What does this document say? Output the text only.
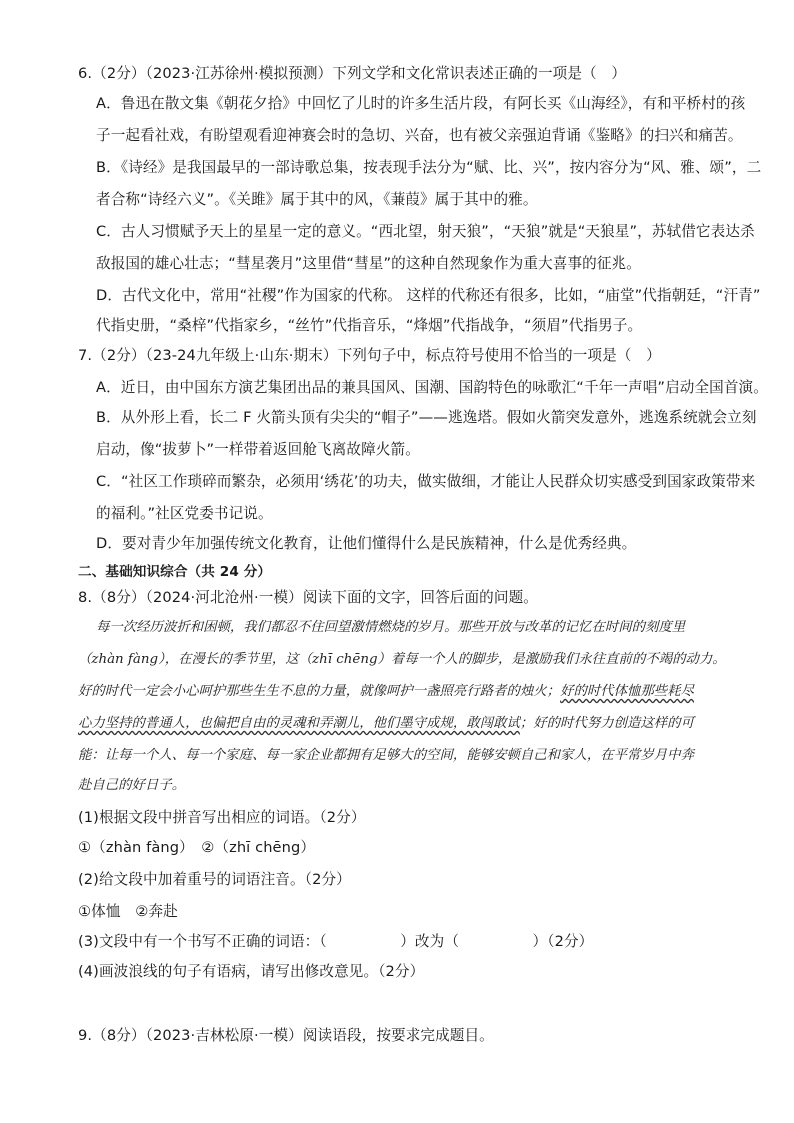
6.（2分）（2023·江苏徐州·模拟预测）下列文学和文化常识表述正确的一项是（　）
A．鲁迅在散文集《朝花夕拾》中回忆了儿时的许多生活片段，有阿长买《山海经》，有和平桥村的孩
子一起看社戏，有盼望观看迎神赛会时的急切、兴奋，也有被父亲强迫背诵《鉴略》的扫兴和痛苦。
B．《诗经》是我国最早的一部诗歌总集，按表现手法分为“赋、比、兴”，按内容分为“风、雅、颂”，二
者合称“诗经六义”。《关雎》属于其中的风，《蒹葭》属于其中的雅。
C．古人习惯赋予天上的星星一定的意义。“西北望，射天狼”，“天狼”就是“天狼星”，苏轼借它表达杀
敌报国的雄心壮志；“彗星袭月”这里借“彗星”的这种自然现象作为重大喜事的征兆。
D．古代文化中，常用“社稷”作为国家的代称。 这样的代称还有很多，比如，“庙堂”代指朝廷，“汗青”
代指史册，“桑梓”代指家乡，“丝竹”代指音乐，“烽烟”代指战争，“须眉”代指男子。
7.（2分）（23-24九年级上·山东·期末）下列句子中，标点符号使用不恰当的一项是（　）
A．近日，由中国东方演艺集团出品的兼具国风、国潮、国韵特色的咏歌汇“千年一声唱”启动全国首演。
B．从外形上看，长二 F 火箭头顶有尖尖的“帽子”——逃逸塔。假如火箭突发意外，逃逸系统就会立刻
启动，像“拔萝卜”一样带着返回舱飞离故障火箭。
C．“社区工作琐碎而繁杂，必须用‘绣花’的功夫，做实做细，才能让人民群众切实感受到国家政策带来
的福利。”社区党委书记说。
D．要对青少年加强传统文化教育，让他们懂得什么是民族精神，什么是优秀经典。
二、基础知识综合（共 24 分）
8.（8分）（2024·河北沧州·一模）阅读下面的文字，回答后面的问题。
每一次经历波折和困顿，我们都忍不住回望激情燃烧的岁月。那些开放与改革的记忆在时间的刻度里
（zhàn fàng），在漫长的季节里，这（zhī chēng）着每一个人的脚步，是激励我们永往直前的不竭的动力。
好的时代一定会小心呵护那些生生不息的力量，就像呵护一盏照亮行路者的烛火；好的时代体恤那些耗尽
心力坚持的普通人，也偏把自由的灵魂和弄潮儿，他们墨守成规，敢闯敢试；好的时代努力创造这样的可
能：让每一个人、每一个家庭、每一家企业都拥有足够大的空间，能够安顿自己和家人，在平常岁月中奔
赴自己的好日子。
(1)根据文段中拼音写出相应的词语。（2分）
①（zhàn fàng）　②（zhī chēng）
(2)给文段中加着重号的词语注音。（2分）
①体恤　②奔赴
(3)文段中有一个书写不正确的词语：（　　　　　）改为（　　　　　）（2分）
(4)画波浪线的句子有语病，请写出修改意见。（2分）
9.（8分）（2023·吉林松原·一模）阅读语段，按要求完成题目。
